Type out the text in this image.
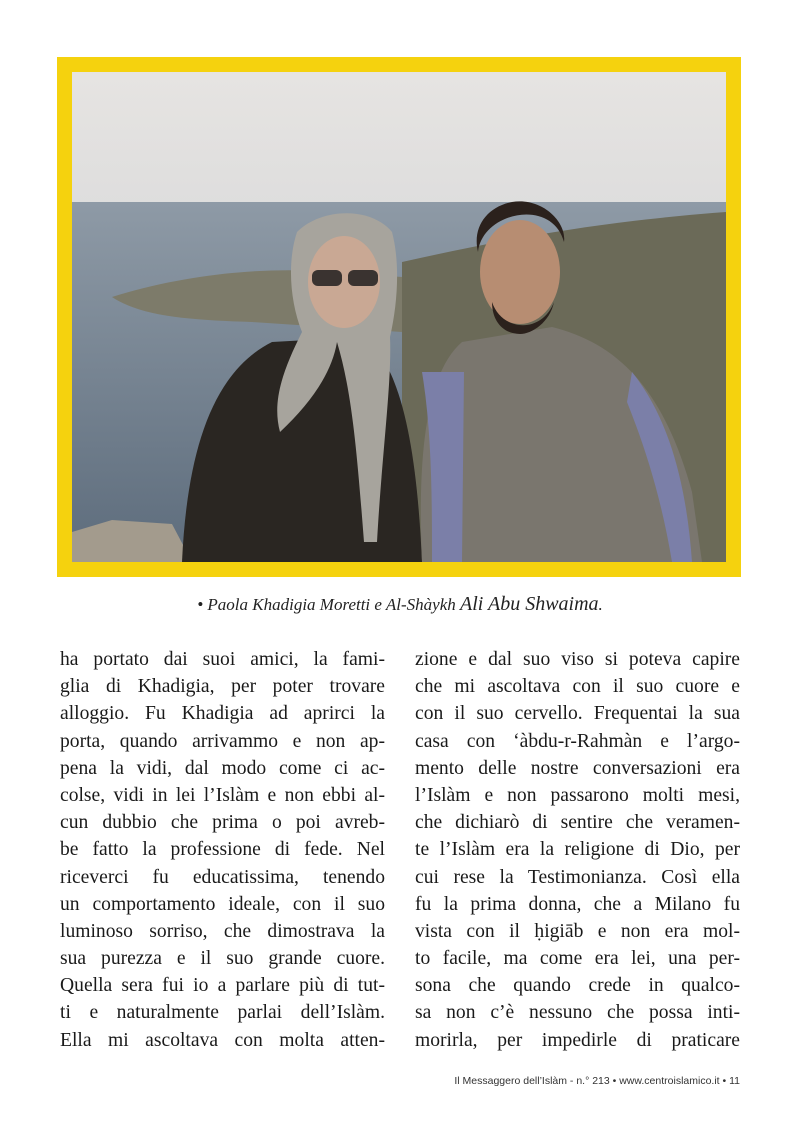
• Paola Khadigia Moretti e Al-Shàykh Ali Abu Shwaima.
ha portato dai suoi amici, la fami-
glia di Khadigia, per poter trovare
alloggio. Fu Khadigia ad aprirci la
porta, quando arrivammo e non ap-
pena la vidi, dal modo come ci ac-
colse, vidi in lei l’Islàm e non ebbi al-
cun dubbio che prima o poi avreb-
be fatto la professione di fede. Nel
riceverci fu educatissima, tenendo
un comportamento ideale, con il suo
luminoso sorriso, che dimostrava la
sua purezza e il suo grande cuore.
Quella sera fui io a parlare più di tut-
ti e naturalmente parlai dell’Islàm.
Ella mi ascoltava con molta atten-
zione e dal suo viso si poteva capire
che mi ascoltava con il suo cuore e
con il suo cervello. Frequentai la sua
casa con ‘àbdu-r-Rahmàn e l’argo-
mento delle nostre conversazioni era
l’Islàm e non passarono molti mesi,
che dichiarò di sentire che veramen-
te l’Islàm era la religione di Dio, per
cui rese la Testimonianza. Così ella
fu la prima donna, che a Milano fu
vista con il ḥigiāb e non era mol-
to facile, ma come era lei, una per-
sona che quando crede in qualco-
sa non c’è nessuno che possa inti-
morirla, per impedirle di praticare
Il Messaggero dell’Islàm - n.° 213 • www.centroislamico.it • 11
